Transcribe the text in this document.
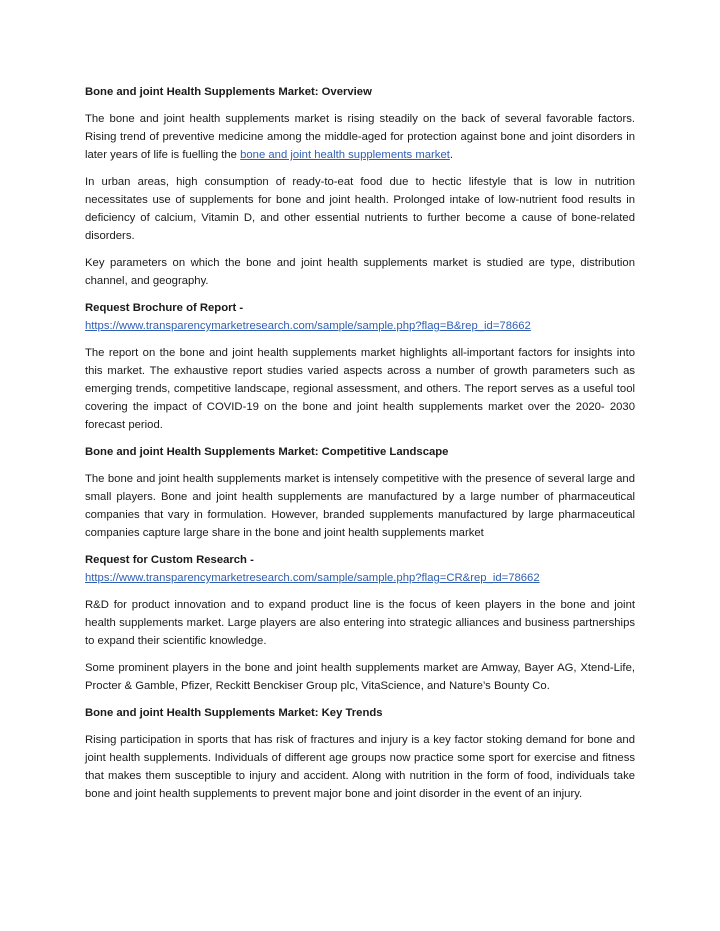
Bone and joint Health Supplements Market: Overview

The bone and joint health supplements market is rising steadily on the back of several favorable factors. Rising trend of preventive medicine among the middle-aged for protection against bone and joint disorders in later years of life is fuelling the bone and joint health supplements market.

In urban areas, high consumption of ready-to-eat food due to hectic lifestyle that is low in nutrition necessitates use of supplements for bone and joint health. Prolonged intake of low-nutrient food results in deficiency of calcium, Vitamin D, and other essential nutrients to further become a cause of bone-related disorders.

Key parameters on which the bone and joint health supplements market is studied are type, distribution channel, and geography.

Request Brochure of Report -
https://www.transparencymarketresearch.com/sample/sample.php?flag=B&rep_id=78662

The report on the bone and joint health supplements market highlights all-important factors for insights into this market. The exhaustive report studies varied aspects across a number of growth parameters such as emerging trends, competitive landscape, regional assessment, and others. The report serves as a useful tool covering the impact of COVID-19 on the bone and joint health supplements market over the 2020- 2030 forecast period.

Bone and joint Health Supplements Market: Competitive Landscape

The bone and joint health supplements market is intensely competitive with the presence of several large and small players. Bone and joint health supplements are manufactured by a large number of pharmaceutical companies that vary in formulation. However, branded supplements manufactured by large pharmaceutical companies capture large share in the bone and joint health supplements market

Request for Custom Research -
https://www.transparencymarketresearch.com/sample/sample.php?flag=CR&rep_id=78662

R&D for product innovation and to expand product line is the focus of keen players in the bone and joint health supplements market. Large players are also entering into strategic alliances and business partnerships to expand their scientific knowledge.

Some prominent players in the bone and joint health supplements market are Amway, Bayer AG, Xtend-Life, Procter & Gamble, Pfizer, Reckitt Benckiser Group plc, VitaScience, and Nature’s Bounty Co.

Bone and joint Health Supplements Market: Key Trends

Rising participation in sports that has risk of fractures and injury is a key factor stoking demand for bone and joint health supplements. Individuals of different age groups now practice some sport for exercise and fitness that makes them susceptible to injury and accident. Along with nutrition in the form of food, individuals take bone and joint health supplements to prevent major bone and joint disorder in the event of an injury.
